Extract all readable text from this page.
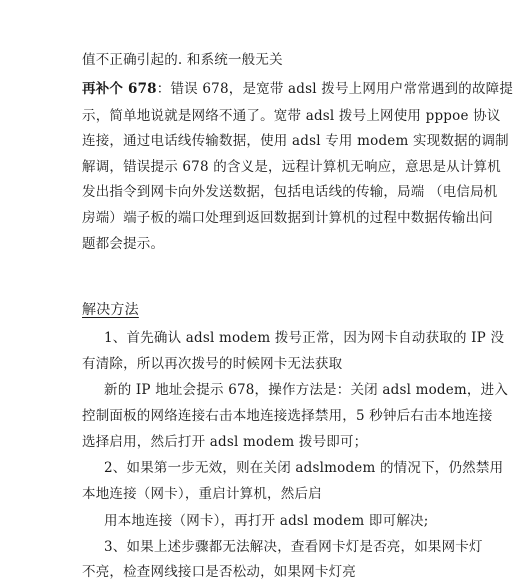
值不正确引起的. 和系统一般无关
再补个 678：错误 678，是宽带 adsl 拨号上网用户常常遇到的故障提
示，简单地说就是网络不通了。宽带 adsl 拨号上网使用 pppoe 协议
连接，通过电话线传输数据，使用 adsl 专用 modem 实现数据的调制
解调，错误提示 678 的含义是，远程计算机无响应，意思是从计算机
发出指令到网卡向外发送数据，包括电话线的传输，局端 （电信局机
房端）端子板的端口处理到返回数据到计算机的过程中数据传输出问
题都会提示。
解决方法
1、首先确认 adsl modem 拨号正常，因为网卡自动获取的 IP 没
有清除，所以再次拨号的时候网卡无法获取
新的 IP 地址会提示 678，操作方法是：关闭 adsl modem，进入
控制面板的网络连接右击本地连接选择禁用，5 秒钟后右击本地连接
选择启用，然后打开 adsl modem 拨号即可；
2、如果第一步无效，则在关闭 adslmodem 的情况下，仍然禁用
本地连接（网卡），重启计算机，然后启
用本地连接（网卡），再打开 adsl modem 即可解决;
3、如果上述步骤都无法解决，查看网卡灯是否亮，如果网卡灯
不亮，检查网线接口是否松动，如果网卡灯亮
